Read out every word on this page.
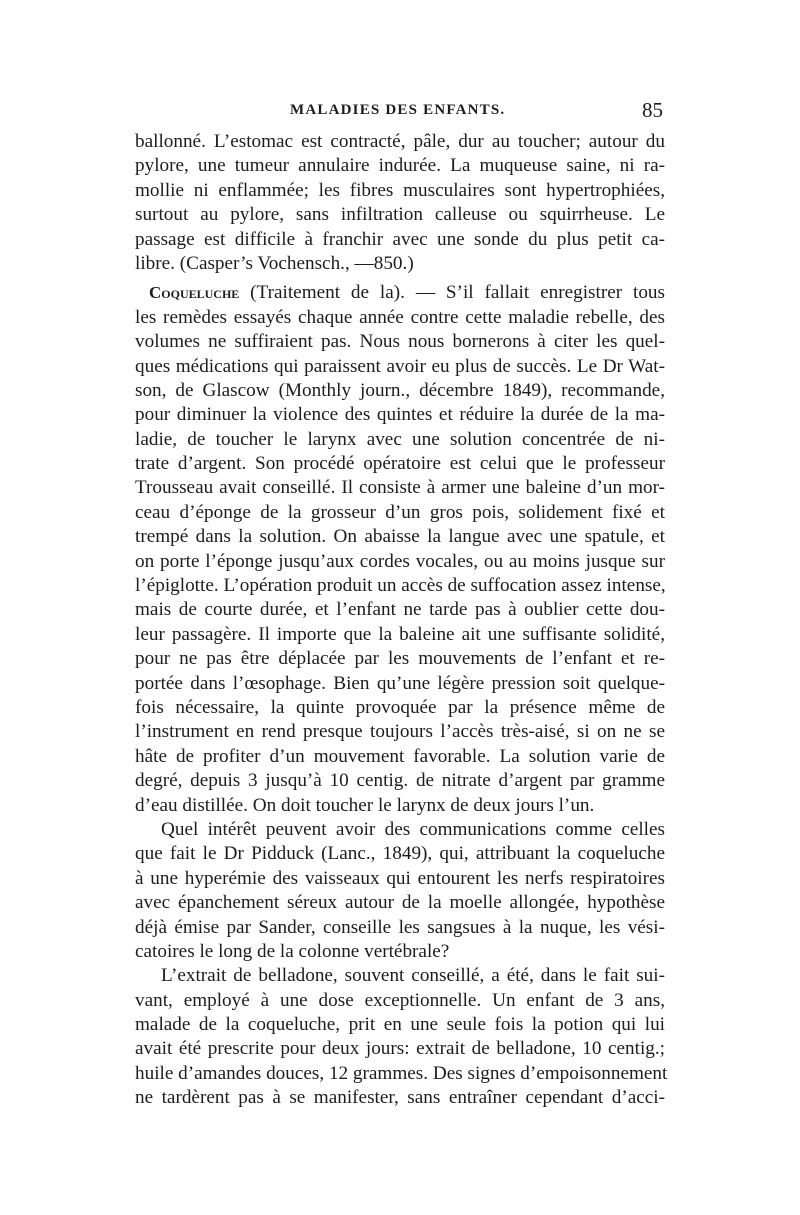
MALADIES DES ENFANTS.	85
ballonné. L’estomac est contracté, pâle, dur au toucher; autour du
pylore, une tumeur annulaire indurée. La muqueuse saine, ni ra-
mollie ni enflammée; les fibres musculaires sont hypertrophiées,
surtout au pylore, sans infiltration calleuse ou squirrheuse. Le
passage est difficile à franchir avec une sonde du plus petit ca-
libre. (Casper’s Vochensch., —850.)
Coqueluche (Traitement de la). — S’il fallait enregistrer tous
les remèdes essayés chaque année contre cette maladie rebelle, des
volumes ne suffiraient pas. Nous nous bornerons à citer les quel-
ques médications qui paraissent avoir eu plus de succès. Le Dr Wat-
son, de Glascow (Monthly journ., décembre 1849), recommande,
pour diminuer la violence des quintes et réduire la durée de la ma-
ladie, de toucher le larynx avec une solution concentrée de ni-
trate d’argent. Son procédé opératoire est celui que le professeur
Trousseau avait conseillé. Il consiste à armer une baleine d’un mor-
ceau d’éponge de la grosseur d’un gros pois, solidement fixé et
trempé dans la solution. On abaisse la langue avec une spatule, et
on porte l’éponge jusqu’aux cordes vocales, ou au moins jusque sur
l’épiglotte. L’opération produit un accès de suffocation assez intense,
mais de courte durée, et l’enfant ne tarde pas à oublier cette dou-
leur passagère. Il importe que la baleine ait une suffisante solidité,
pour ne pas être déplacée par les mouvements de l’enfant et re-
portée dans l’œsophage. Bien qu’une légère pression soit quelque-
fois nécessaire, la quinte provoquée par la présence même de
l’instrument en rend presque toujours l’accès très-aisé, si on ne se
hâte de profiter d’un mouvement favorable. La solution varie de
degré, depuis 3 jusqu’à 10 centig. de nitrate d’argent par gramme
d’eau distillée. On doit toucher le larynx de deux jours l’un.
Quel intérêt peuvent avoir des communications comme celles
que fait le Dr Pidduck (Lanc., 1849), qui, attribuant la coqueluche
à une hyperémie des vaisseaux qui entourent les nerfs respiratoires
avec épanchement séreux autour de la moelle allongée, hypothèse
déjà émise par Sander, conseille les sangsues à la nuque, les vési-
catoires le long de la colonne vertébrale?
L’extrait de belladone, souvent conseillé, a été, dans le fait sui-
vant, employé à une dose exceptionnelle. Un enfant de 3 ans,
malade de la coqueluche, prit en une seule fois la potion qui lui
avait été prescrite pour deux jours: extrait de belladone, 10 centig.;
huile d’amandes douces, 12 grammes. Des signes d’empoisonnement
ne tardèrent pas à se manifester, sans entraîner cependant d’acci-
